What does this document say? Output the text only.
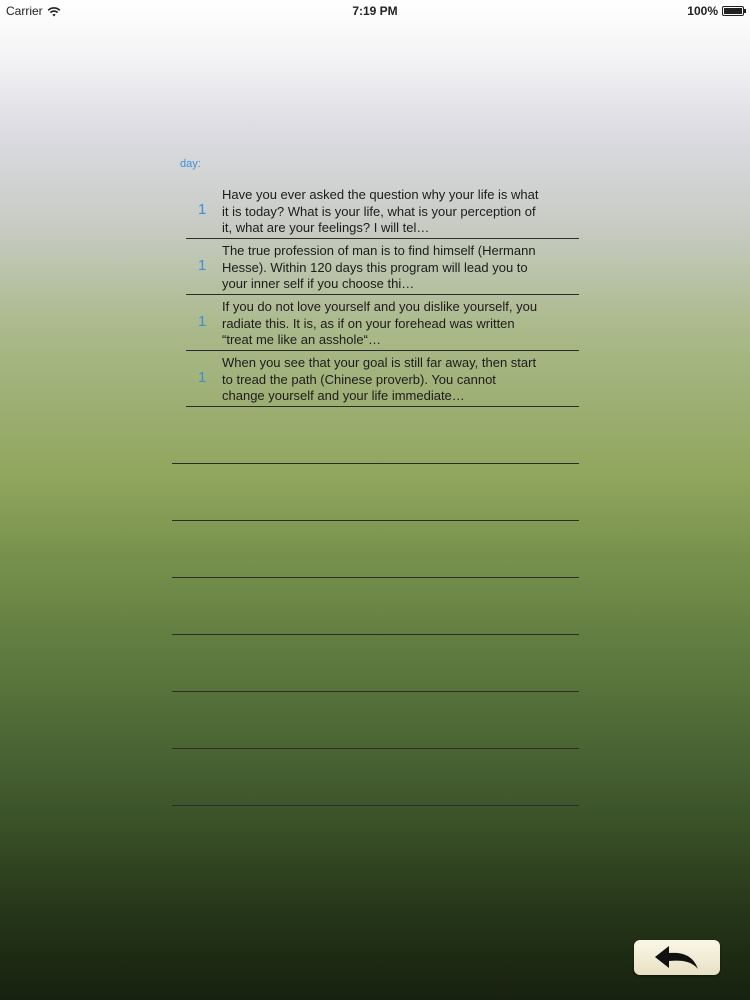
Carrier	7:19 PM	100%
day:
1
Have you ever asked the question why your life is what it is today? What is your life, what is your perception of it, what are your feelings? I will tel…
1
The true profession of man is to find himself (Hermann Hesse). Within 120 days this program will lead you to your inner self if you choose thi…
1
If you do not love yourself and you dislike yourself, you radiate this. It is, as if on your forehead was written “treat me like an asshole“…
1
When you see that your goal is still far away, then start to tread the path (Chinese proverb). You cannot change yourself and your life immediate…
